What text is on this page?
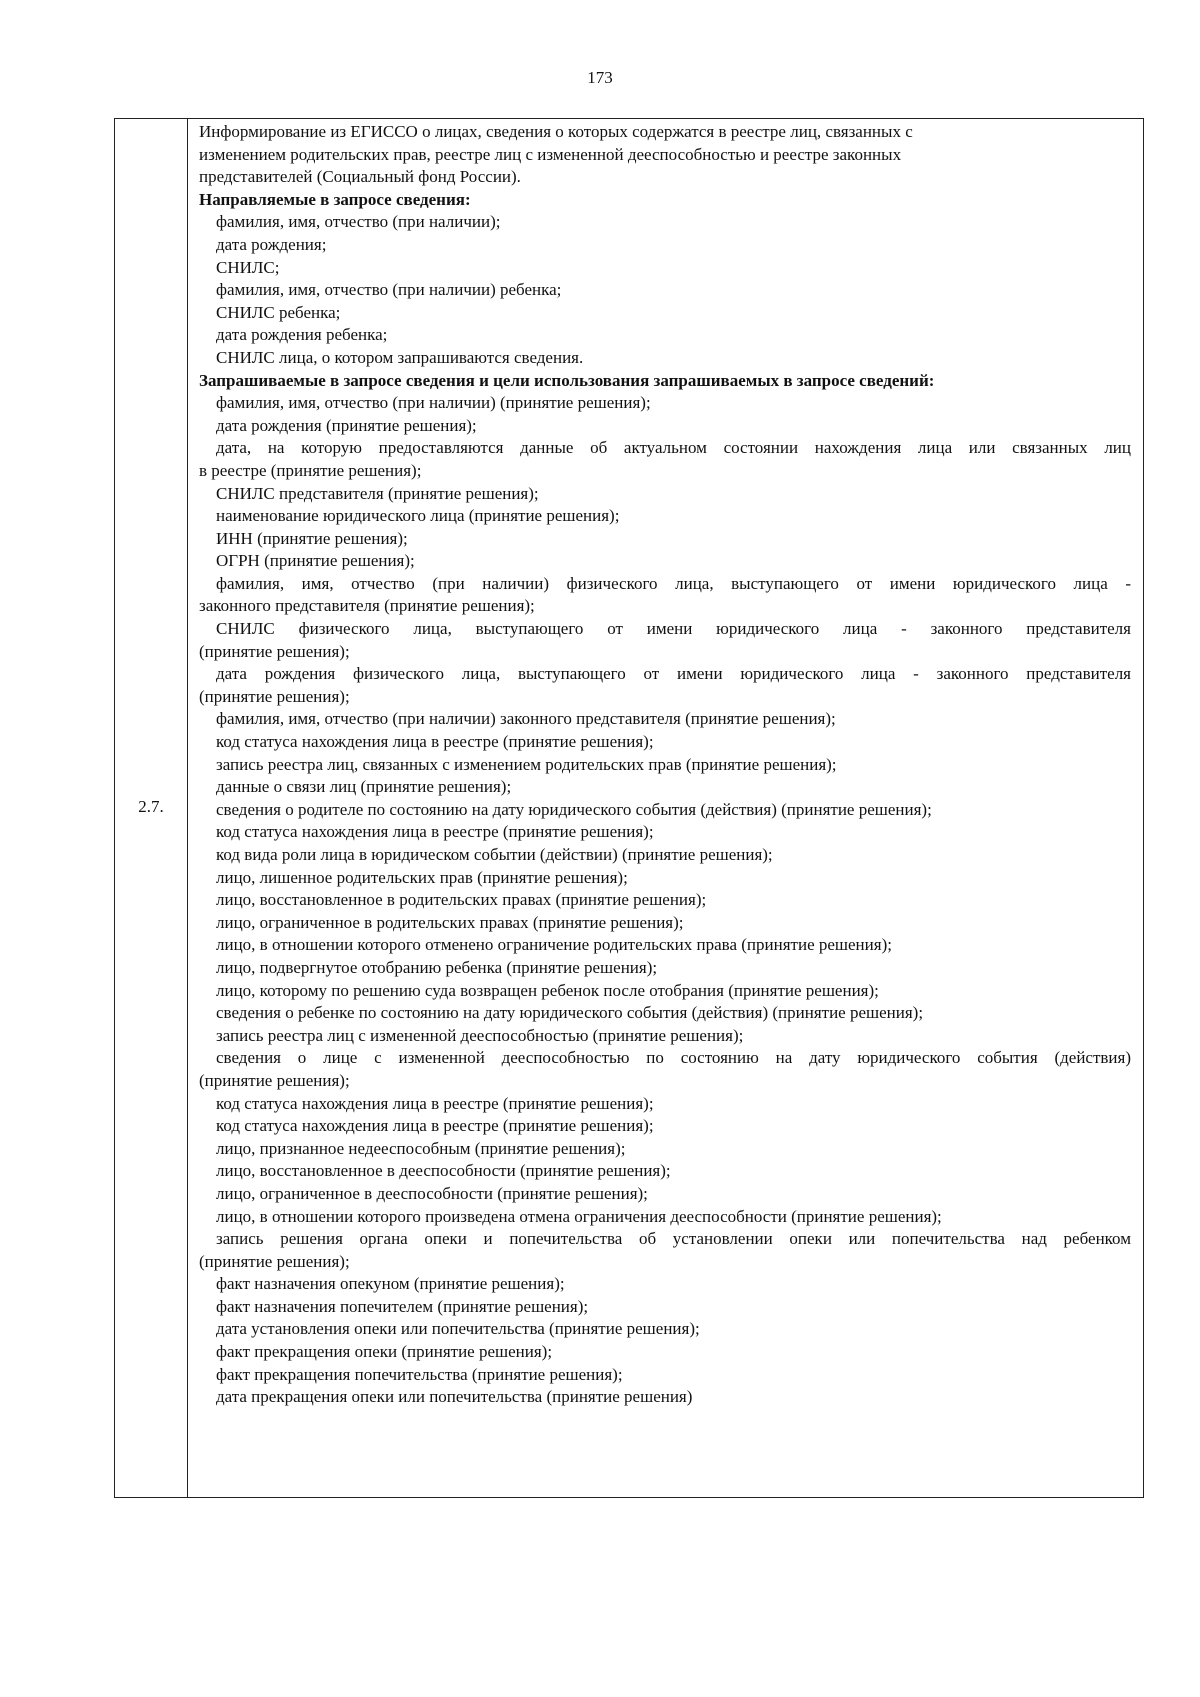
173
2.7.
Информирование из ЕГИССО о лицах, сведения о которых содержатся в реестре лиц, связанных с
изменением родительских прав, реестре лиц с измененной дееспособностью и реестре законных
представителей (Социальный фонд России).
Направляемые в запросе сведения:
фамилия, имя, отчество (при наличии);
дата рождения;
СНИЛС;
фамилия, имя, отчество (при наличии) ребенка;
СНИЛС ребенка;
дата рождения ребенка;
СНИЛС лица, о котором запрашиваются сведения.
Запрашиваемые в запросе сведения и цели использования запрашиваемых в запросе сведений:
фамилия, имя, отчество (при наличии) (принятие решения);
дата рождения (принятие решения);
дата, на которую предоставляются данные об актуальном состоянии нахождения лица или связанных лиц
в реестре (принятие решения);
СНИЛС представителя (принятие решения);
наименование юридического лица (принятие решения);
ИНН (принятие решения);
ОГРН (принятие решения);
фамилия, имя, отчество (при наличии) физического лица, выступающего от имени юридического лица -
законного представителя (принятие решения);
СНИЛС физического лица, выступающего от имени юридического лица - законного представителя
(принятие решения);
дата рождения физического лица, выступающего от имени юридического лица - законного представителя
(принятие решения);
фамилия, имя, отчество (при наличии) законного представителя (принятие решения);
код статуса нахождения лица в реестре (принятие решения);
запись реестра лиц, связанных с изменением родительских прав (принятие решения);
данные о связи лиц (принятие решения);
сведения о родителе по состоянию на дату юридического события (действия) (принятие решения);
код статуса нахождения лица в реестре (принятие решения);
код вида роли лица в юридическом событии (действии) (принятие решения);
лицо, лишенное родительских прав (принятие решения);
лицо, восстановленное в родительских правах (принятие решения);
лицо, ограниченное в родительских правах (принятие решения);
лицо, в отношении которого отменено ограничение родительских права (принятие решения);
лицо, подвергнутое отобранию ребенка (принятие решения);
лицо, которому по решению суда возвращен ребенок после отобрания (принятие решения);
сведения о ребенке по состоянию на дату юридического события (действия) (принятие решения);
запись реестра лиц с измененной дееспособностью (принятие решения);
сведения о лице с измененной дееспособностью по состоянию на дату юридического события (действия)
(принятие решения);
код статуса нахождения лица в реестре (принятие решения);
код статуса нахождения лица в реестре (принятие решения);
лицо, признанное недееспособным (принятие решения);
лицо, восстановленное в дееспособности (принятие решения);
лицо, ограниченное в дееспособности (принятие решения);
лицо, в отношении которого произведена отмена ограничения дееспособности (принятие решения);
запись решения органа опеки и попечительства об установлении опеки или попечительства над ребенком
(принятие решения);
факт назначения опекуном (принятие решения);
факт назначения попечителем (принятие решения);
дата установления опеки или попечительства (принятие решения);
факт прекращения опеки (принятие решения);
факт прекращения попечительства (принятие решения);
дата прекращения опеки или попечительства (принятие решения)
